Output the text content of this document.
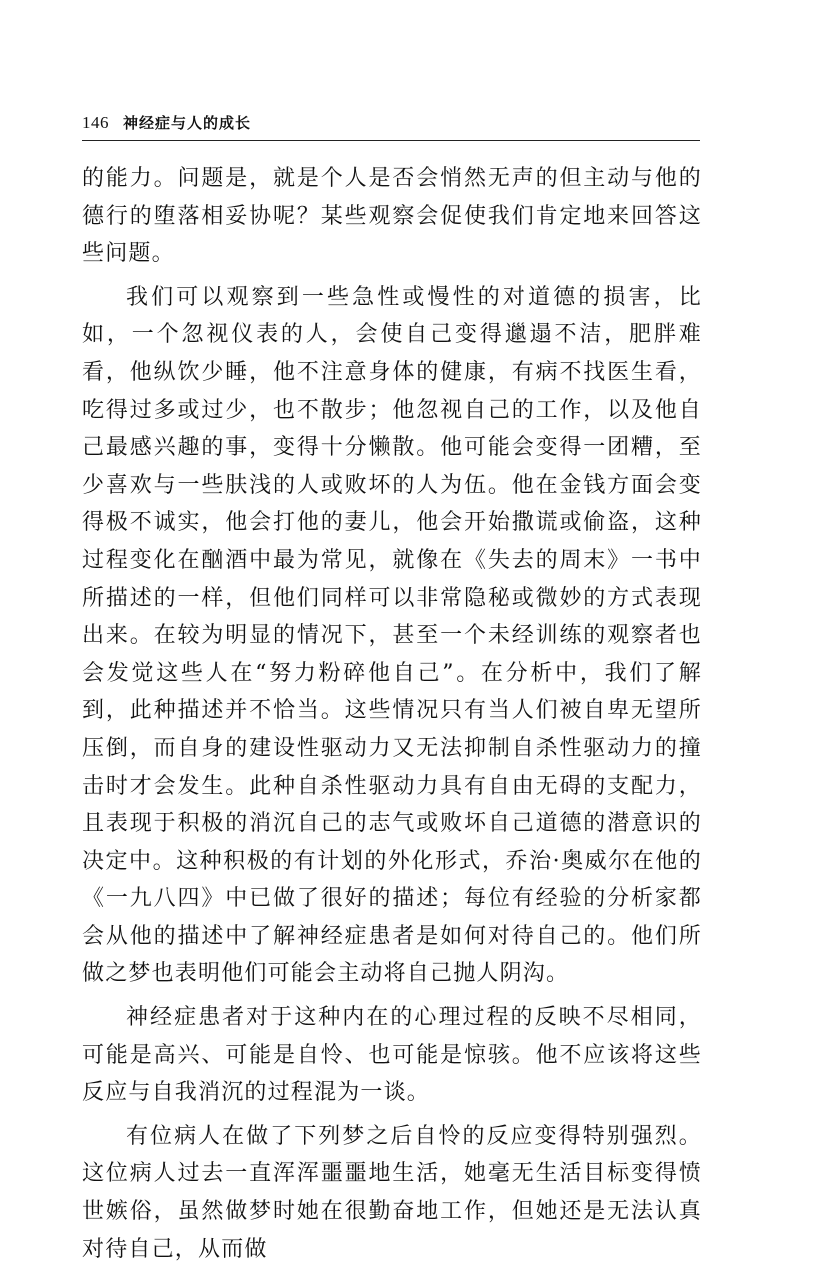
146 神经症与人的成长

的能力。问题是，就是个人是否会悄然无声的但主动与他的德行的堕落相妥协呢？某些观察会促使我们肯定地来回答这些问题。

我们可以观察到一些急性或慢性的对道德的损害，比如，一个忽视仪表的人，会使自己变得邋遢不洁，肥胖难看，他纵饮少睡，他不注意身体的健康，有病不找医生看，吃得过多或过少，也不散步；他忽视自己的工作，以及他自己最感兴趣的事，变得十分懒散。他可能会变得一团糟，至少喜欢与一些肤浅的人或败坏的人为伍。他在金钱方面会变得极不诚实，他会打他的妻儿，他会开始撒谎或偷盗，这种过程变化在酗酒中最为常见，就像在《失去的周末》一书中所描述的一样，但他们同样可以非常隐秘或微妙的方式表现出来。在较为明显的情况下，甚至一个未经训练的观察者也会发觉这些人在“努力粉碎他自己”。在分析中，我们了解到，此种描述并不恰当。这些情况只有当人们被自卑无望所压倒，而自身的建设性驱动力又无法抑制自杀性驱动力的撞击时才会发生。此种自杀性驱动力具有自由无碍的支配力，且表现于积极的消沉自己的志气或败坏自己道德的潜意识的决定中。这种积极的有计划的外化形式，乔治·奥威尔在他的《一九八四》中已做了很好的描述；每位有经验的分析家都会从他的描述中了解神经症患者是如何对待自己的。他们所做之梦也表明他们可能会主动将自己抛人阴沟。

神经症患者对于这种内在的心理过程的反映不尽相同，可能是高兴、可能是自怜、也可能是惊骇。他不应该将这些反应与自我消沉的过程混为一谈。

有位病人在做了下列梦之后自怜的反应变得特别强烈。这位病人过去一直浑浑噩噩地生活，她毫无生活目标变得愤世嫉俗，虽然做梦时她在很勤奋地工作，但她还是无法认真对待自己，从而做
